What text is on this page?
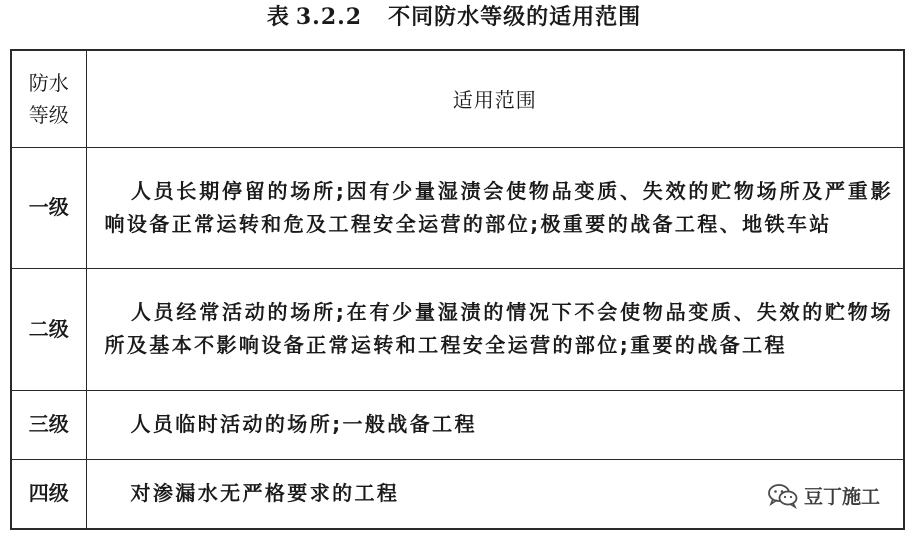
表 3.2.2 不同防水等级的适用范围
防水
等级	适用范围
一级	人员长期停留的场所;因有少量湿渍会使物品变质、失效的贮物场所及严重影响设备正常运转和危及工程安全运营的部位;极重要的战备工程、地铁车站
二级	人员经常活动的场所;在有少量湿渍的情况下不会使物品变质、失效的贮物场所及基本不影响设备正常运转和工程安全运营的部位;重要的战备工程
三级	人员临时活动的场所;一般战备工程
四级	对渗漏水无严格要求的工程	豆丁施工
